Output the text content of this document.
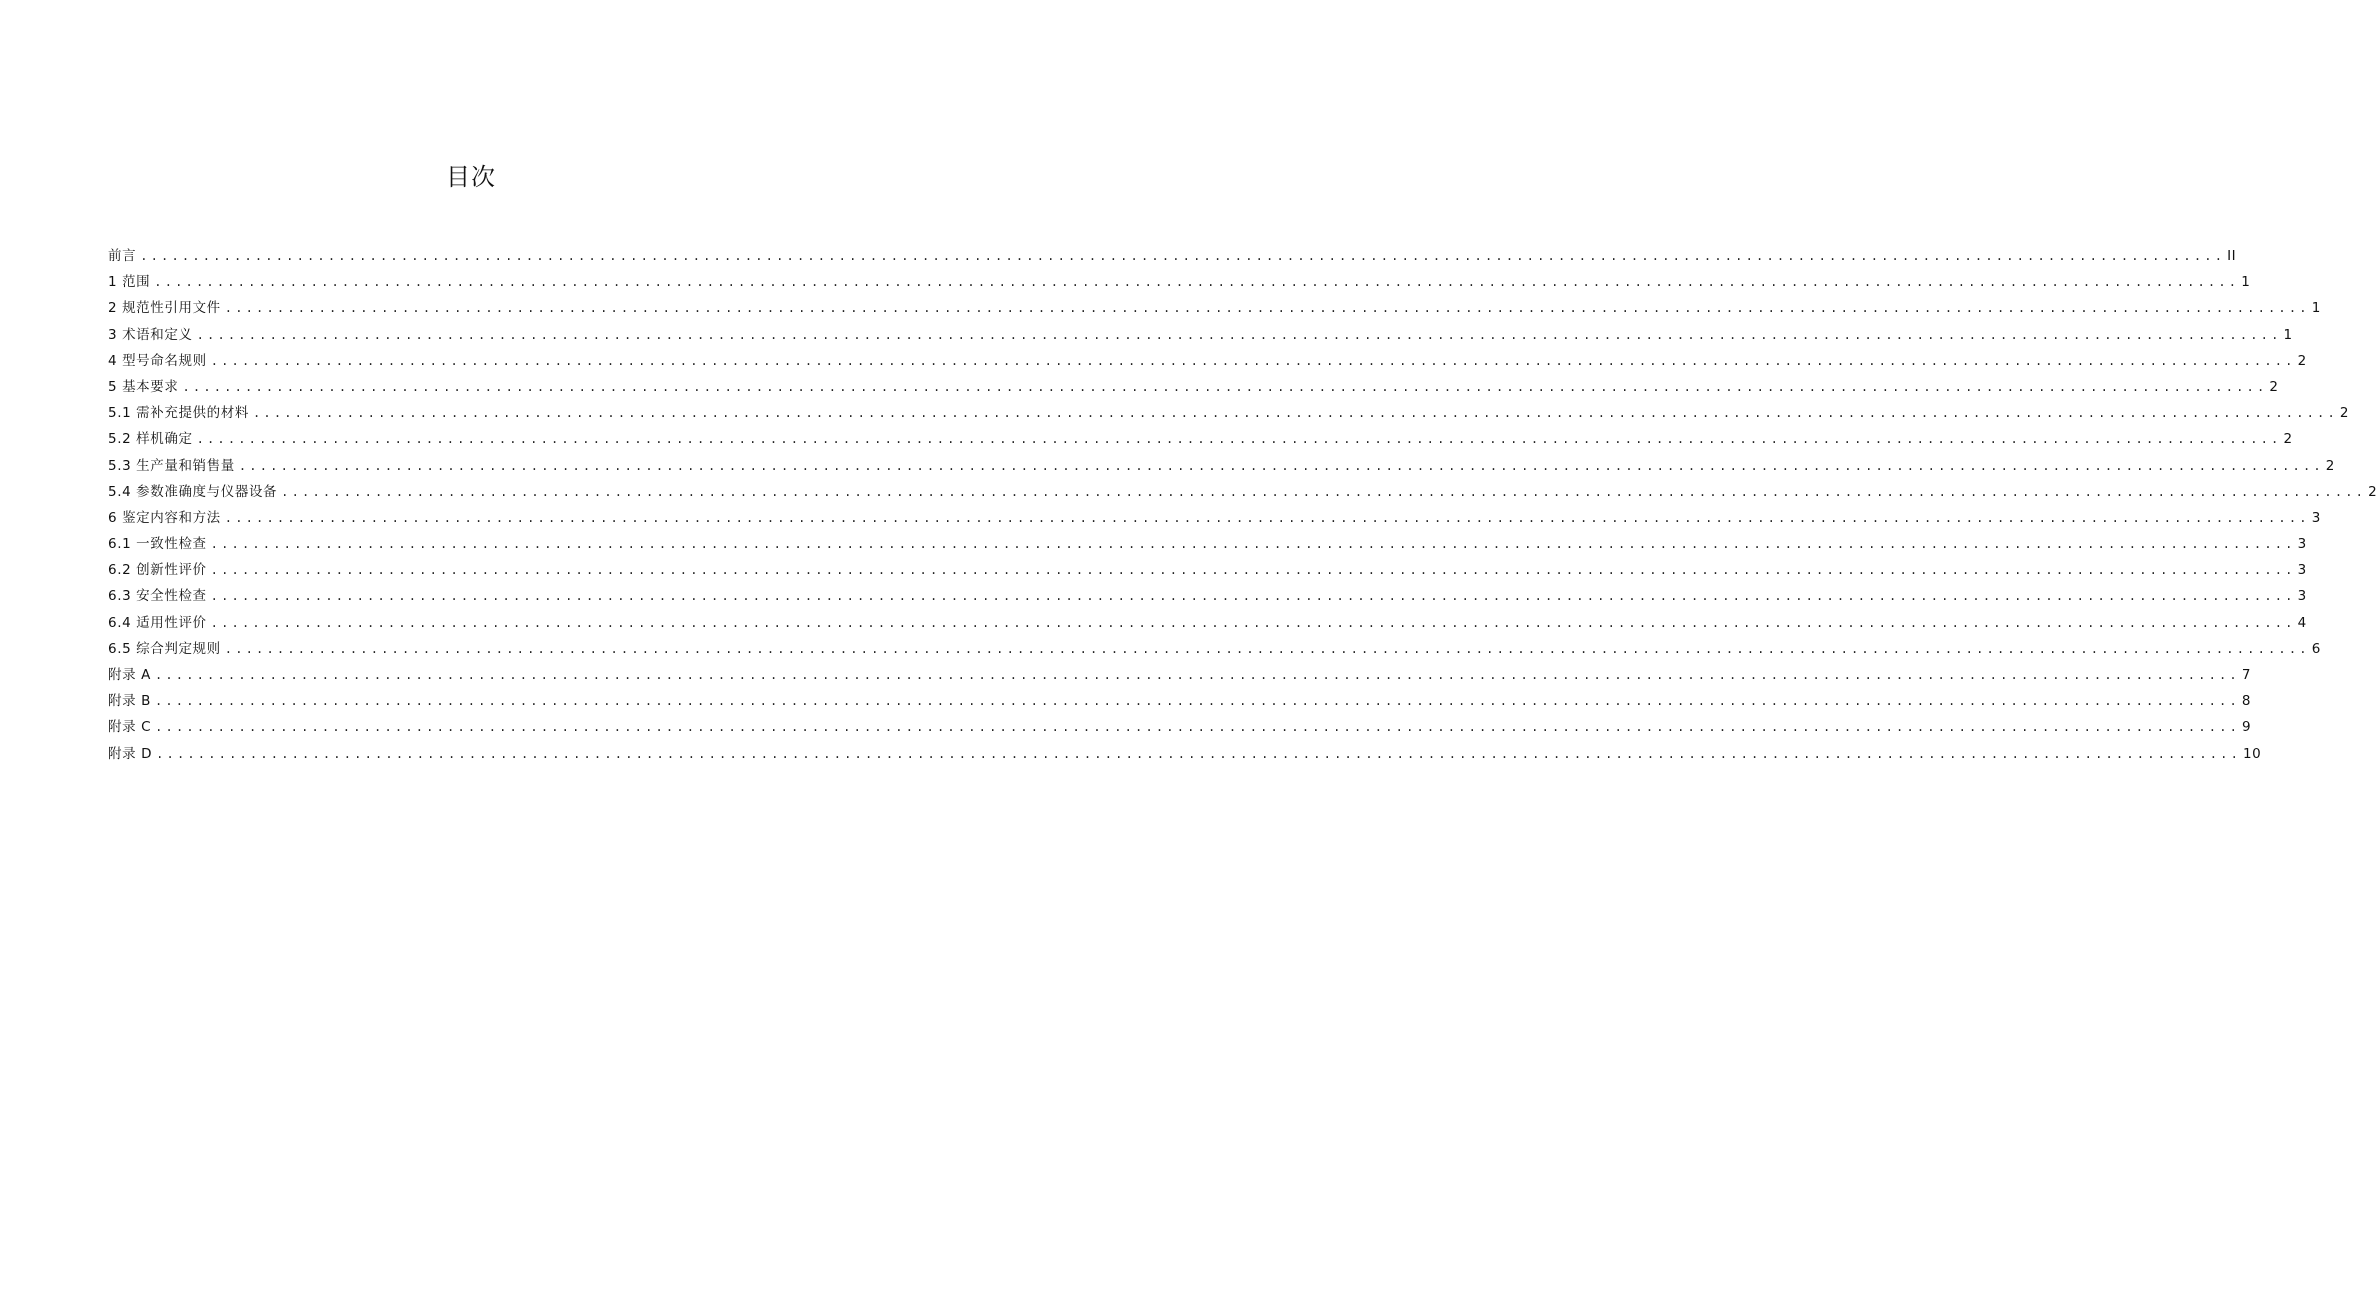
目次
前言 ........................................................................................................................................................................................................ II
1 范围 ........................................................................................................................................................................................................ 1
2 规范性引用文件 ........................................................................................................................................................................................................ 1
3 术语和定义 ........................................................................................................................................................................................................ 1
4 型号命名规则 ........................................................................................................................................................................................................ 2
5 基本要求 ........................................................................................................................................................................................................ 2
5.1 需补充提供的材料 ........................................................................................................................................................................................................ 2
5.2 样机确定 ........................................................................................................................................................................................................ 2
5.3 生产量和销售量 ........................................................................................................................................................................................................ 2
5.4 参数准确度与仪器设备 ........................................................................................................................................................................................................ 2
6 鉴定内容和方法 ........................................................................................................................................................................................................ 3
6.1 一致性检查 ........................................................................................................................................................................................................ 3
6.2 创新性评价 ........................................................................................................................................................................................................ 3
6.3 安全性检查 ........................................................................................................................................................................................................ 3
6.4 适用性评价 ........................................................................................................................................................................................................ 4
6.5 综合判定规则 ........................................................................................................................................................................................................ 6
附录 A ........................................................................................................................................................................................................ 7
附录 B ........................................................................................................................................................................................................ 8
附录 C ........................................................................................................................................................................................................ 9
附录 D ........................................................................................................................................................................................................ 10
